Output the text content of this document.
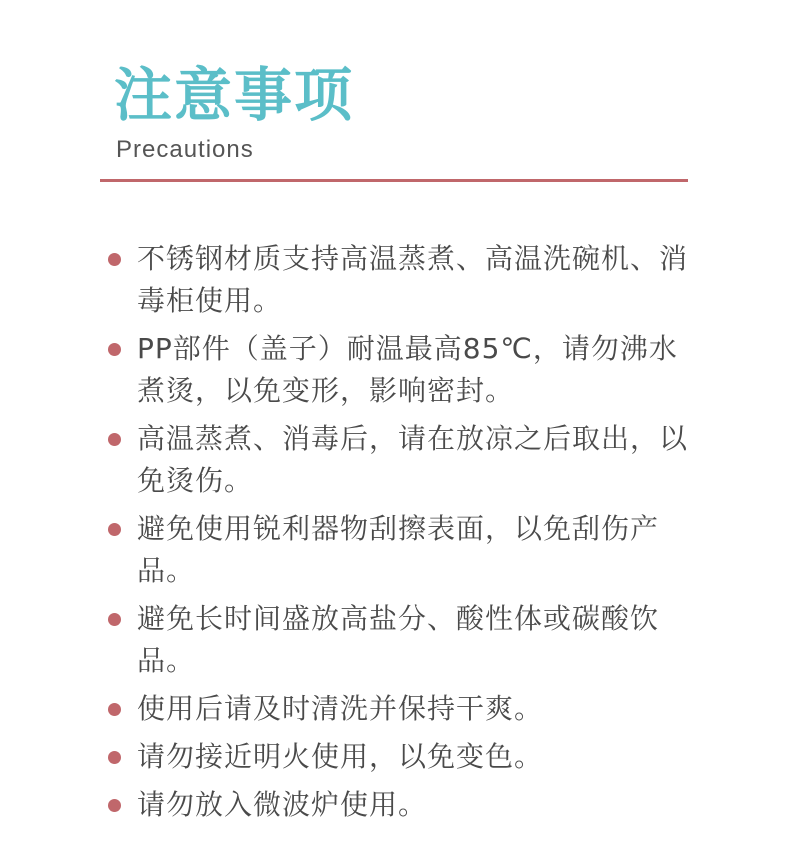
注意事项
Precautions
不锈钢材质支持高温蒸煮、高温洗碗机、消毒柜使用。
PP部件（盖子）耐温最高85℃，请勿沸水煮烫，以免变形，影响密封。
高温蒸煮、消毒后，请在放凉之后取出，以免烫伤。
避免使用锐利器物刮擦表面，以免刮伤产品。
避免长时间盛放高盐分、酸性体或碳酸饮品。
使用后请及时清洗并保持干爽。
请勿接近明火使用，以免变色。
请勿放入微波炉使用。
